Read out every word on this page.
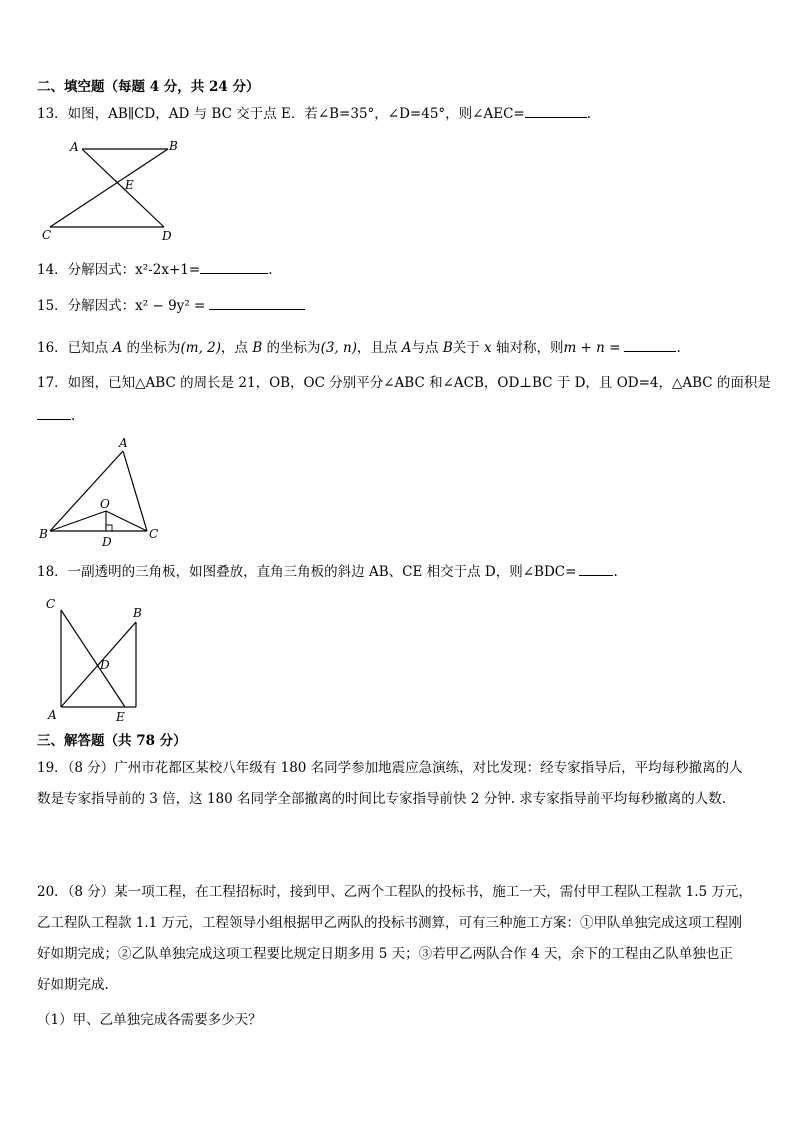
二、填空题（每题 4 分，共 24 分）
13．如图，AB∥CD，AD 与 BC 交于点 E．若∠B=35°，∠D=45°，则∠AEC=	.
A	B
E
C	D
14．分解因式：x²-2x+1=	.
15．分解因式：x² − 9y² =
16．已知点 A 的坐标为(m, 2)，点 B 的坐标为(3, n)，且点 A与点 B关于 x 轴对称，则m + n =	.
17．如图，已知△ABC 的周长是 21，OB，OC 分别平分∠ABC 和∠ACB，OD⊥BC 于 D，且 OD=4，△ABC 的面积是
.
A
O
B
D
C
18．一副透明的三角板，如图叠放，直角三角板的斜边 AB、CE 相交于点 D，则∠BDC=	.
C
B
D
A	E
三、解答题（共 78 分）
19．（8 分）广州市花都区某校八年级有 180 名同学参加地震应急演练，对比发现：经专家指导后，平均每秒撤离的人
数是专家指导前的 3 倍，这 180 名同学全部撤离的时间比专家指导前快 2 分钟. 求专家指导前平均每秒撤离的人数.
20．（8 分）某一项工程，在工程招标时，接到甲、乙两个工程队的投标书，施工一天，需付甲工程队工程款 1.5 万元，
乙工程队工程款 1.1 万元，工程领导小组根据甲乙两队的投标书测算，可有三种施工方案：①甲队单独完成这项工程刚
好如期完成；②乙队单独完成这项工程要比规定日期多用 5 天；③若甲乙两队合作 4 天，余下的工程由乙队单独也正
好如期完成.
（1）甲、乙单独完成各需要多少天？
